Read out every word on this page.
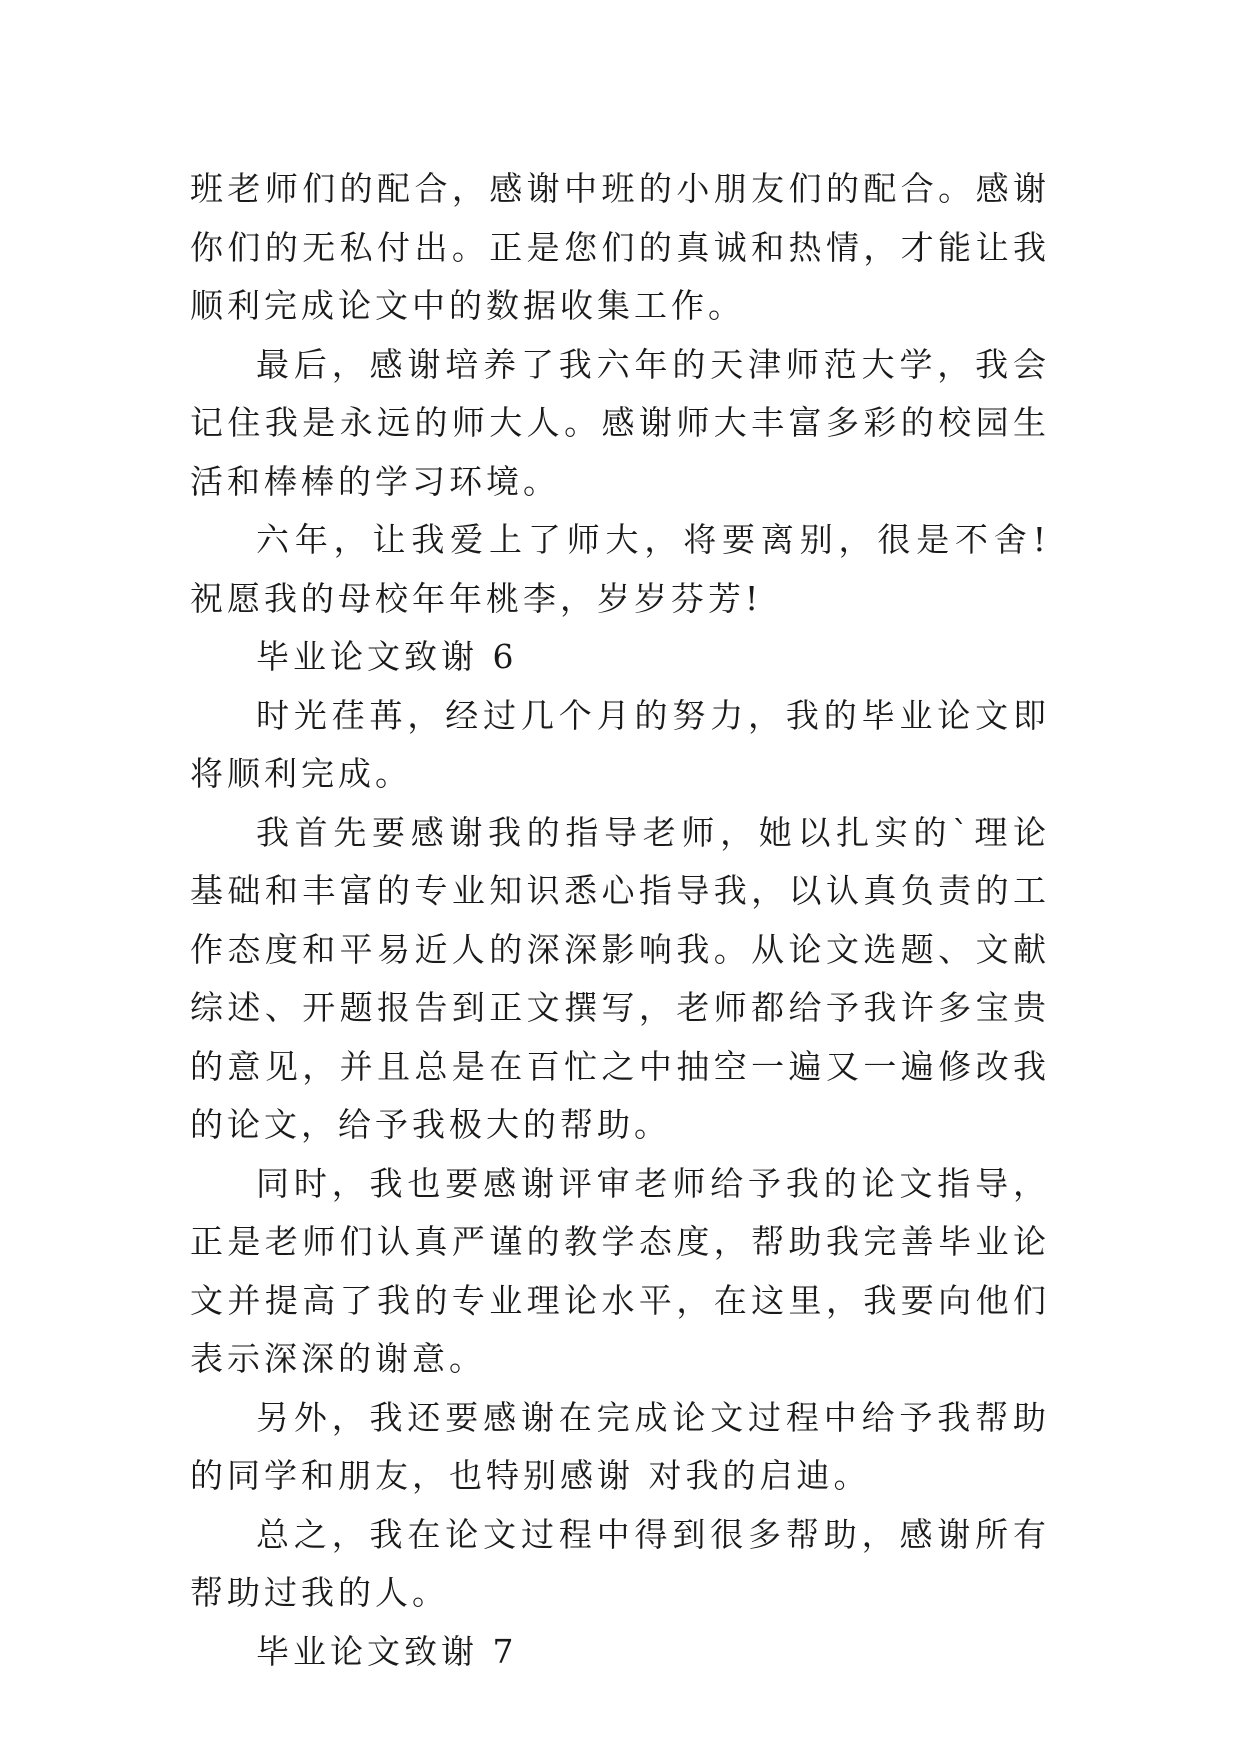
班老师们的配合，感谢中班的小朋友们的配合。感谢你们的无私付出。正是您们的真诚和热情，才能让我顺利完成论文中的数据收集工作。

最后，感谢培养了我六年的天津师范大学，我会记住我是永远的师大人。感谢师大丰富多彩的校园生活和棒棒的学习环境。

六年，让我爱上了师大，将要离别，很是不舍!祝愿我的母校年年桃李，岁岁芬芳!

毕业论文致谢 6

时光荏苒，经过几个月的努力，我的毕业论文即将顺利完成。

我首先要感谢我的指导老师，她以扎实的`理论基础和丰富的专业知识悉心指导我，以认真负责的工作态度和平易近人的深深影响我。从论文选题、文献综述、开题报告到正文撰写，老师都给予我许多宝贵的意见，并且总是在百忙之中抽空一遍又一遍修改我的论文，给予我极大的帮助。

同时，我也要感谢评审老师给予我的论文指导，正是老师们认真严谨的教学态度，帮助我完善毕业论文并提高了我的专业理论水平，在这里，我要向他们表示深深的谢意。

另外，我还要感谢在完成论文过程中给予我帮助的同学和朋友，也特别感谢 对我的启迪。

总之，我在论文过程中得到很多帮助，感谢所有帮助过我的人。

毕业论文致谢 7
